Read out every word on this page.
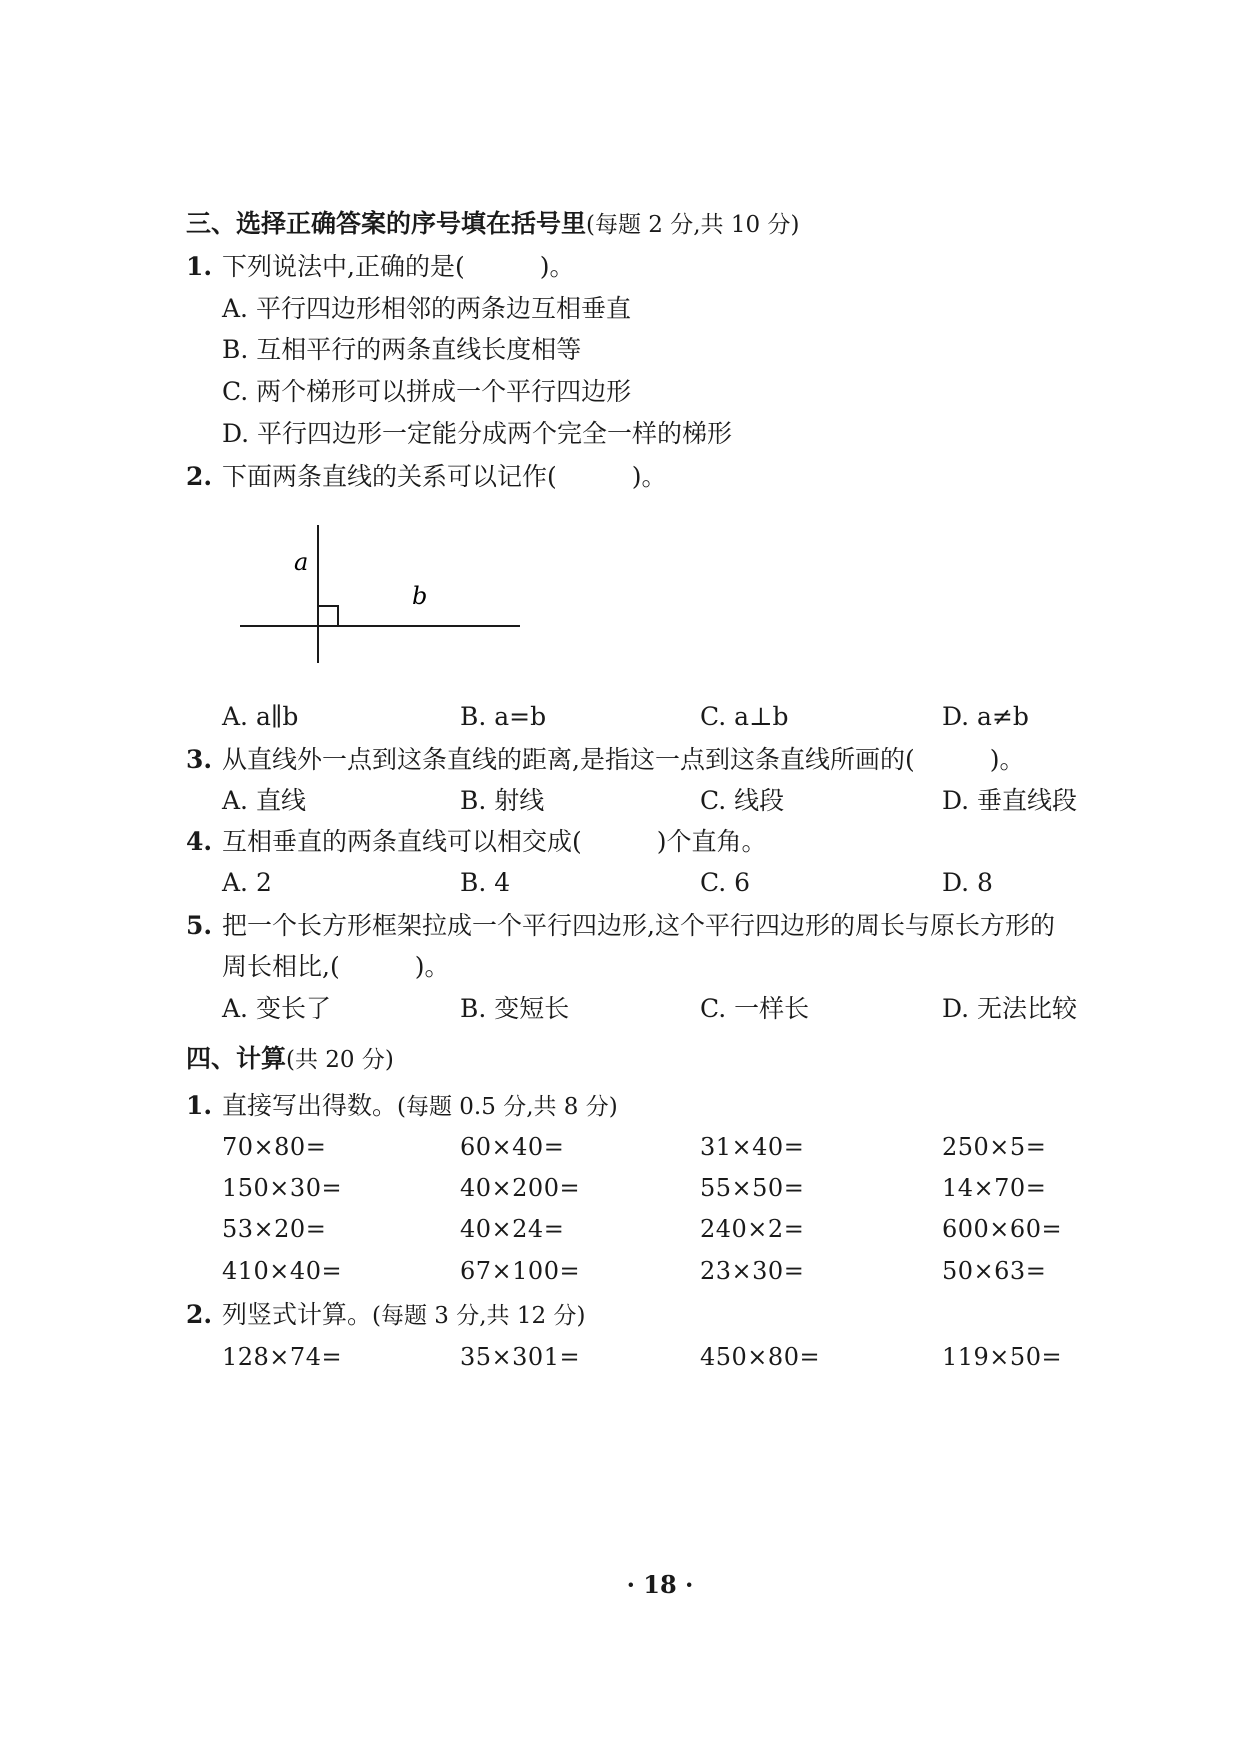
三、选择正确答案的序号填在括号里(每题 2 分,共 10 分)
1. 下列说法中,正确的是(　　　)。
A. 平行四边形相邻的两条边互相垂直
B. 互相平行的两条直线长度相等
C. 两个梯形可以拼成一个平行四边形
D. 平行四边形一定能分成两个完全一样的梯形
2. 下面两条直线的关系可以记作(　　　)。
a
b
A. a∥b	B. a=b	C. a⊥b	D. a≠b
3. 从直线外一点到这条直线的距离,是指这一点到这条直线所画的(　　　)。
A. 直线	B. 射线	C. 线段	D. 垂直线段
4. 互相垂直的两条直线可以相交成(　　　)个直角。
A. 2	B. 4	C. 6	D. 8
5. 把一个长方形框架拉成一个平行四边形,这个平行四边形的周长与原长方形的
周长相比,(　　　)。
A. 变长了	B. 变短长	C. 一样长	D. 无法比较
四、计算(共 20 分)
1. 直接写出得数。(每题 0.5 分,共 8 分)
70×80=	60×40=	31×40=	250×5=
150×30=	40×200=	55×50=	14×70=
53×20=	40×24=	240×2=	600×60=
410×40=	67×100=	23×30=	50×63=
2. 列竖式计算。(每题 3 分,共 12 分)
128×74=	35×301=	450×80=	119×50=
· 18 ·
